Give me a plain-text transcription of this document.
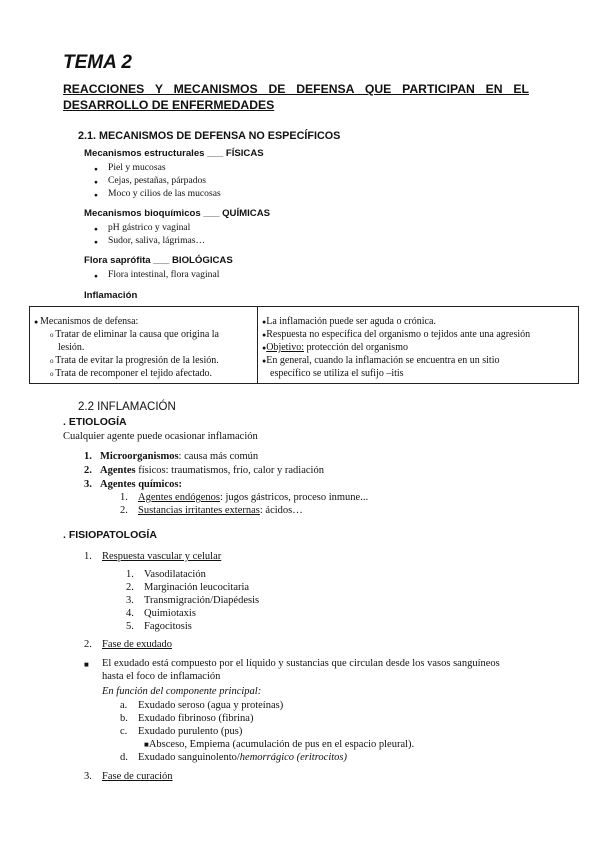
TEMA 2
REACCIONES Y MECANISMOS DE DEFENSA QUE PARTICIPAN EN EL
DESARROLLO DE ENFERMEDADES
2.1. MECANISMOS DE DEFENSA NO ESPECÍFICOS
Mecanismos estructurales ___ FÍSICAS
● Piel y mucosas
● Cejas, pestañas, párpados
● Moco y cilios de las mucosas
Mecanismos bioquímicos ___ QUÍMICAS
● pH gástrico y vaginal
● Sudor, saliva, lágrimas…
Flora saprófita ___ BIOLÓGICAS
● Flora intestinal, flora vaginal
Inflamación
● Mecanismos de defensa:
o Tratar de eliminar la causa que origina la
lesión.
o Trata de evitar la progresión de la lesión.
o Trata de recomponer el tejido afectado.
●La inflamación puede ser aguda o crónica.
●Respuesta no específica del organismo o tejidos ante una agresión
●Objetivo: protección del organismo
●En general, cuando la inflamación se encuentra en un sitio
específico se utiliza el sufijo –itis
2.2 INFLAMACIÓN
. ETIOLOGÍA
Cualquier agente puede ocasionar inflamación
1. Microorganismos: causa más común
2. Agentes físicos: traumatismos, frío, calor y radiación
3. Agentes químicos:
1. Agentes endógenos: jugos gástricos, proceso inmune...
2. Sustancias irritantes externas: ácidos…
. FISIOPATOLOGÍA
1. Respuesta vascular y celular
1. Vasodilatación
2. Marginación leucocitaria
3. Transmigración/Diapédesis
4. Quimiotaxis
5. Fagocitosis
2. Fase de exudado
■ El exudado está compuesto por el líquido y sustancias que circulan desde los vasos sanguíneos
hasta el foco de inflamación
En función del componente principal:
a. Exudado seroso (agua y proteínas)
b. Exudado fibrinoso (fibrina)
c. Exudado purulento (pus)
■Absceso, Empiema (acumulación de pus en el espacio pleural).
d. Exudado sanguinolento/hemorrágico (eritrocitos)
3. Fase de curación
